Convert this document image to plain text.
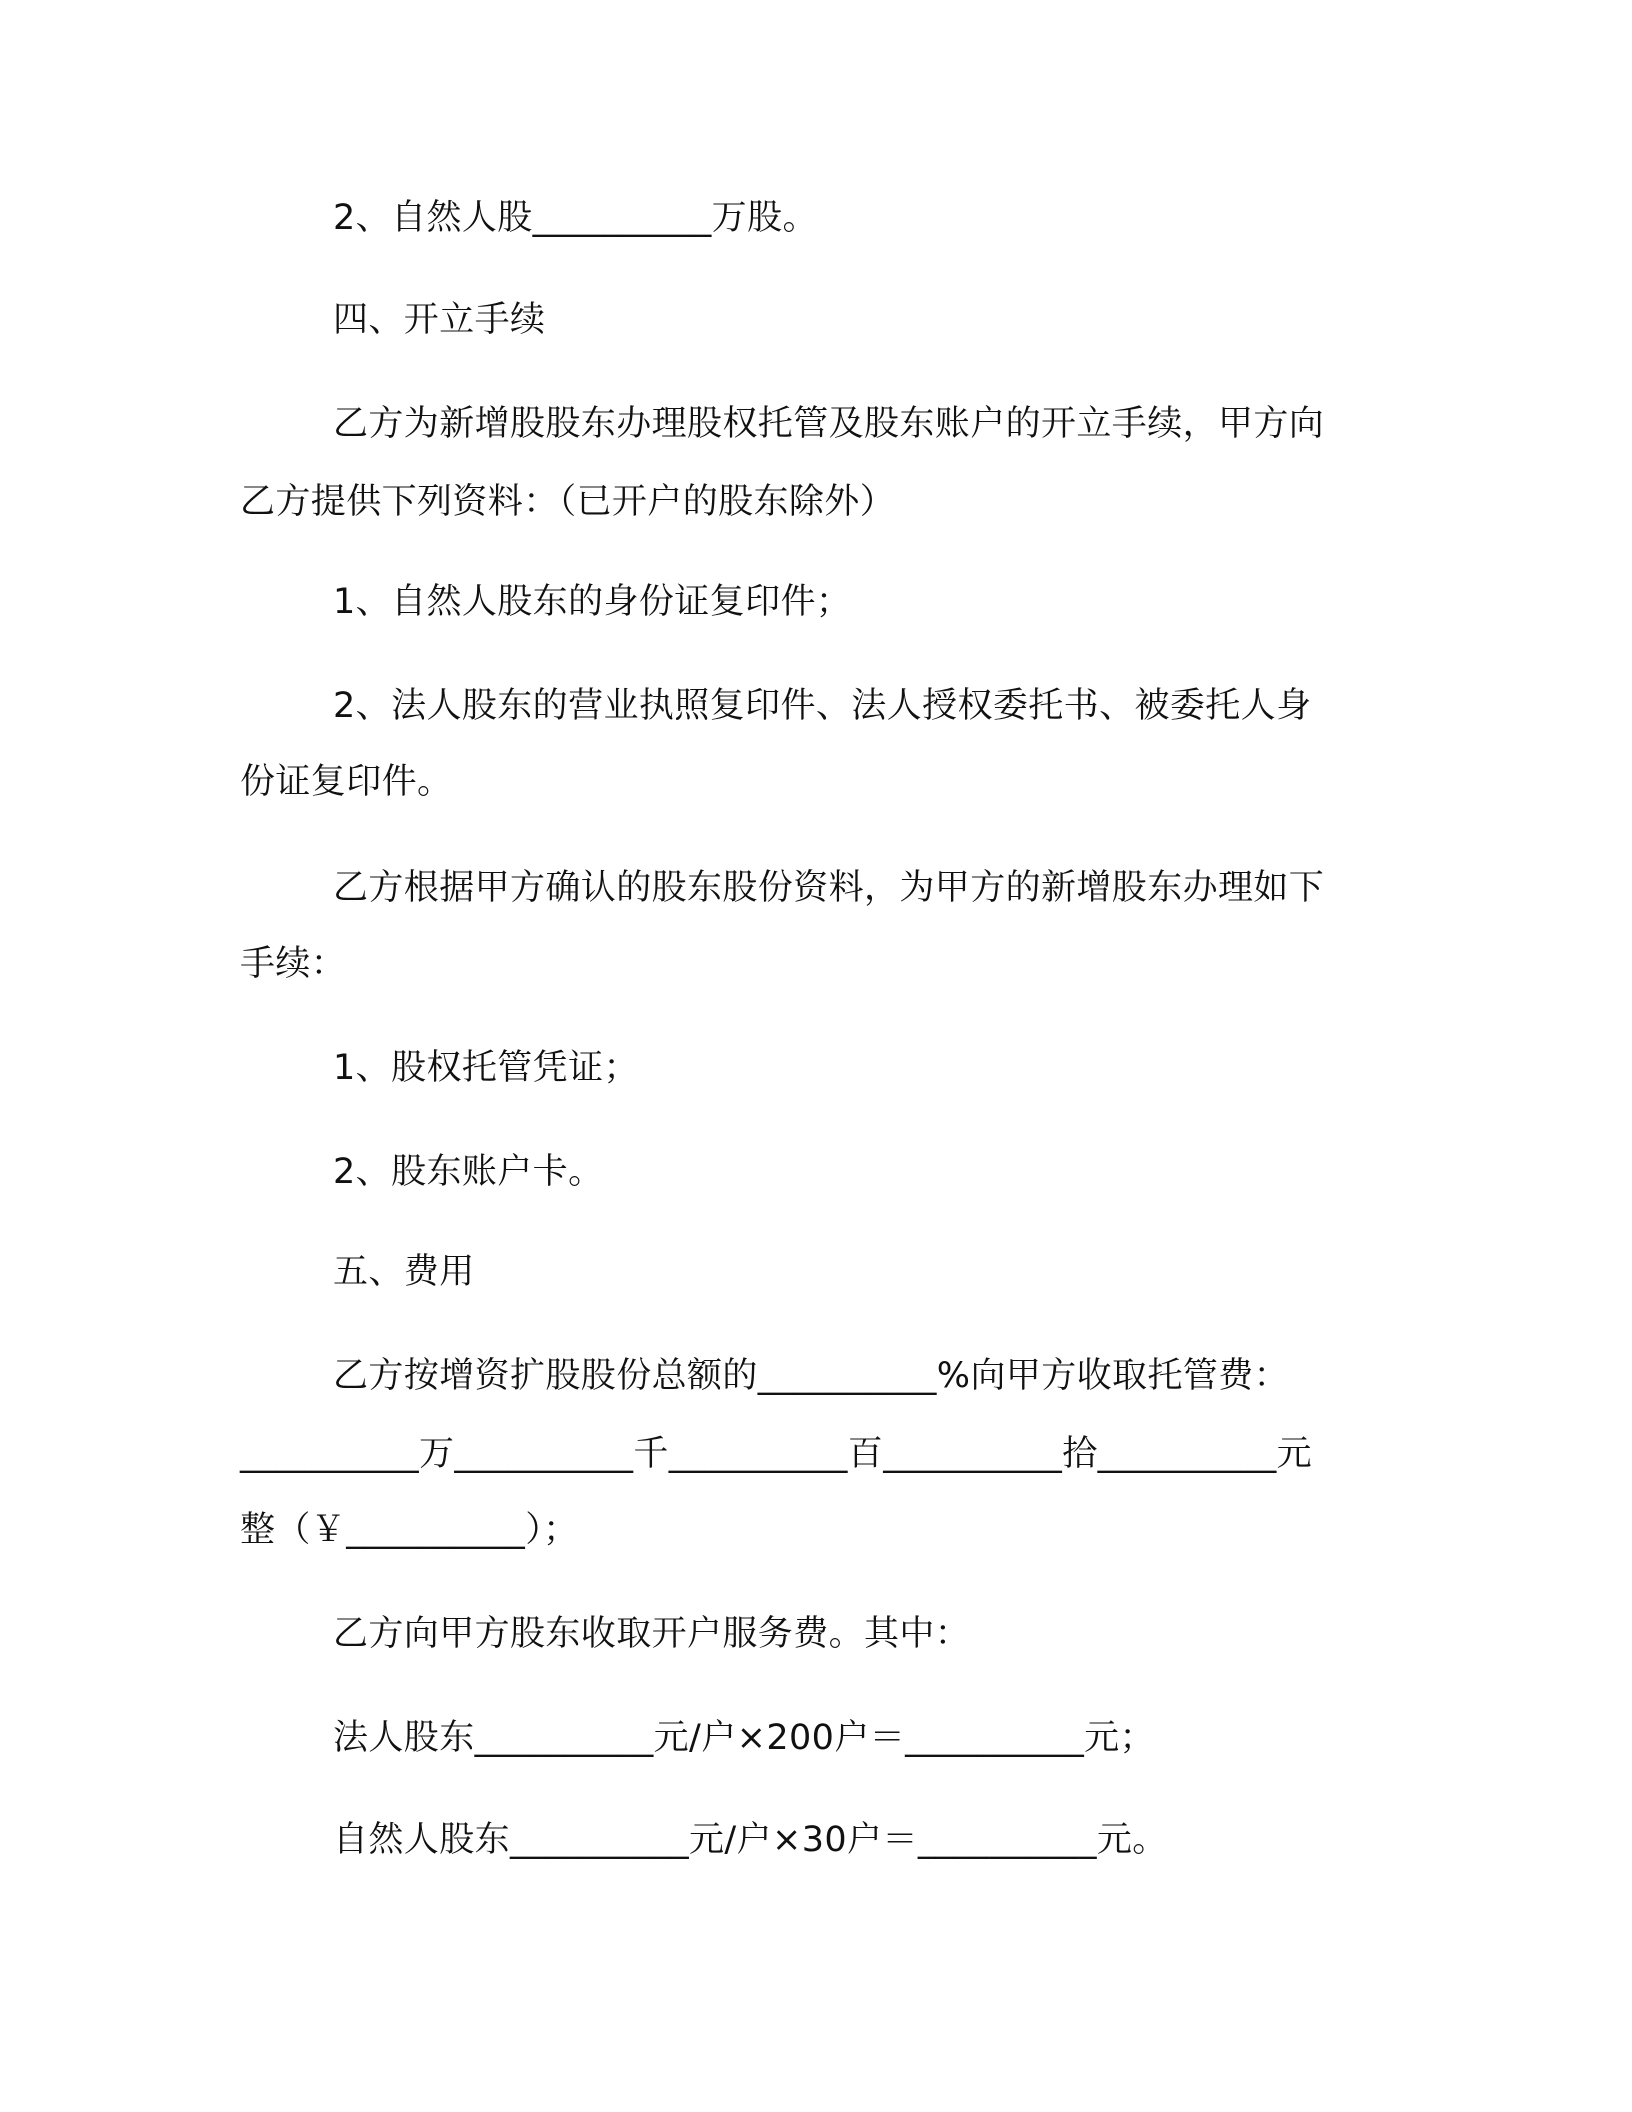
2、自然人股__________万股。
四、开立手续
乙方为新增股股东办理股权托管及股东账户的开立手续，甲方向
乙方提供下列资料：（已开户的股东除外）
1、自然人股东的身份证复印件；
2、法人股东的营业执照复印件、法人授权委托书、被委托人身
份证复印件。
乙方根据甲方确认的股东股份资料，为甲方的新增股东办理如下
手续：
1、股权托管凭证；
2、股东账户卡。
五、费用
乙方按增资扩股股份总额的__________%向甲方收取托管费：
__________万__________千__________百__________拾__________元
整（￥__________）；
乙方向甲方股东收取开户服务费。其中：
法人股东__________元/户×200户＝__________元；
自然人股东__________元/户×30户＝__________元。
